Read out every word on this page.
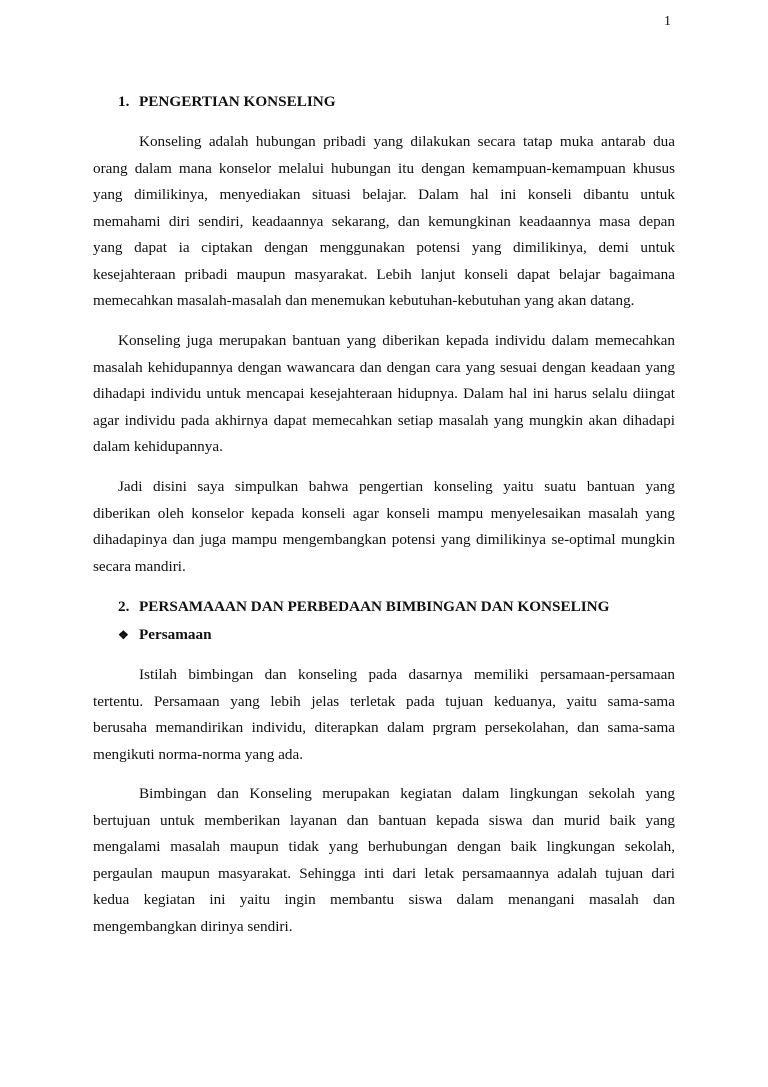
1
1. PENGERTIAN KONSELING
Konseling adalah hubungan pribadi yang dilakukan secara tatap muka antarab dua
orang dalam mana konselor melalui hubungan itu dengan kemampuan-kemampuan khusus
yang dimilikinya, menyediakan situasi belajar. Dalam hal ini konseli dibantu untuk
memahami diri sendiri, keadaannya sekarang, dan kemungkinan keadaannya masa depan
yang dapat ia ciptakan dengan menggunakan potensi yang dimilikinya, demi untuk
kesejahteraan pribadi maupun masyarakat. Lebih lanjut konseli dapat belajar bagaimana
memecahkan masalah-masalah dan menemukan kebutuhan-kebutuhan yang akan datang.
Konseling juga merupakan bantuan yang diberikan kepada individu dalam memecahkan
masalah kehidupannya dengan wawancara dan dengan cara yang sesuai dengan keadaan yang
dihadapi individu untuk mencapai kesejahteraan hidupnya. Dalam hal ini harus selalu diingat
agar individu pada akhirnya dapat memecahkan setiap masalah yang mungkin akan dihadapi
dalam kehidupannya.
Jadi disini saya simpulkan bahwa pengertian konseling yaitu suatu bantuan yang
diberikan oleh konselor kepada konseli agar konseli mampu menyelesaikan masalah yang
dihadapinya dan juga mampu mengembangkan potensi yang dimilikinya se-optimal mungkin
secara mandiri.
2. PERSAMAAAN DAN PERBEDAAN BIMBINGAN DAN KONSELING
❖ Persamaan
Istilah bimbingan dan konseling pada dasarnya memiliki persamaan-persamaan
tertentu. Persamaan yang lebih jelas terletak pada tujuan keduanya, yaitu sama-sama
berusaha memandirikan individu, diterapkan dalam prgram persekolahan, dan sama-sama
mengikuti norma-norma yang ada.
Bimbingan dan Konseling merupakan kegiatan dalam lingkungan sekolah yang
bertujuan untuk memberikan layanan dan bantuan kepada siswa dan murid baik yang
mengalami masalah maupun tidak yang berhubungan dengan baik lingkungan sekolah,
pergaulan maupun masyarakat. Sehingga inti dari letak persamaannya adalah tujuan dari
kedua kegiatan ini yaitu ingin membantu siswa dalam menangani masalah dan
mengembangkan dirinya sendiri.
